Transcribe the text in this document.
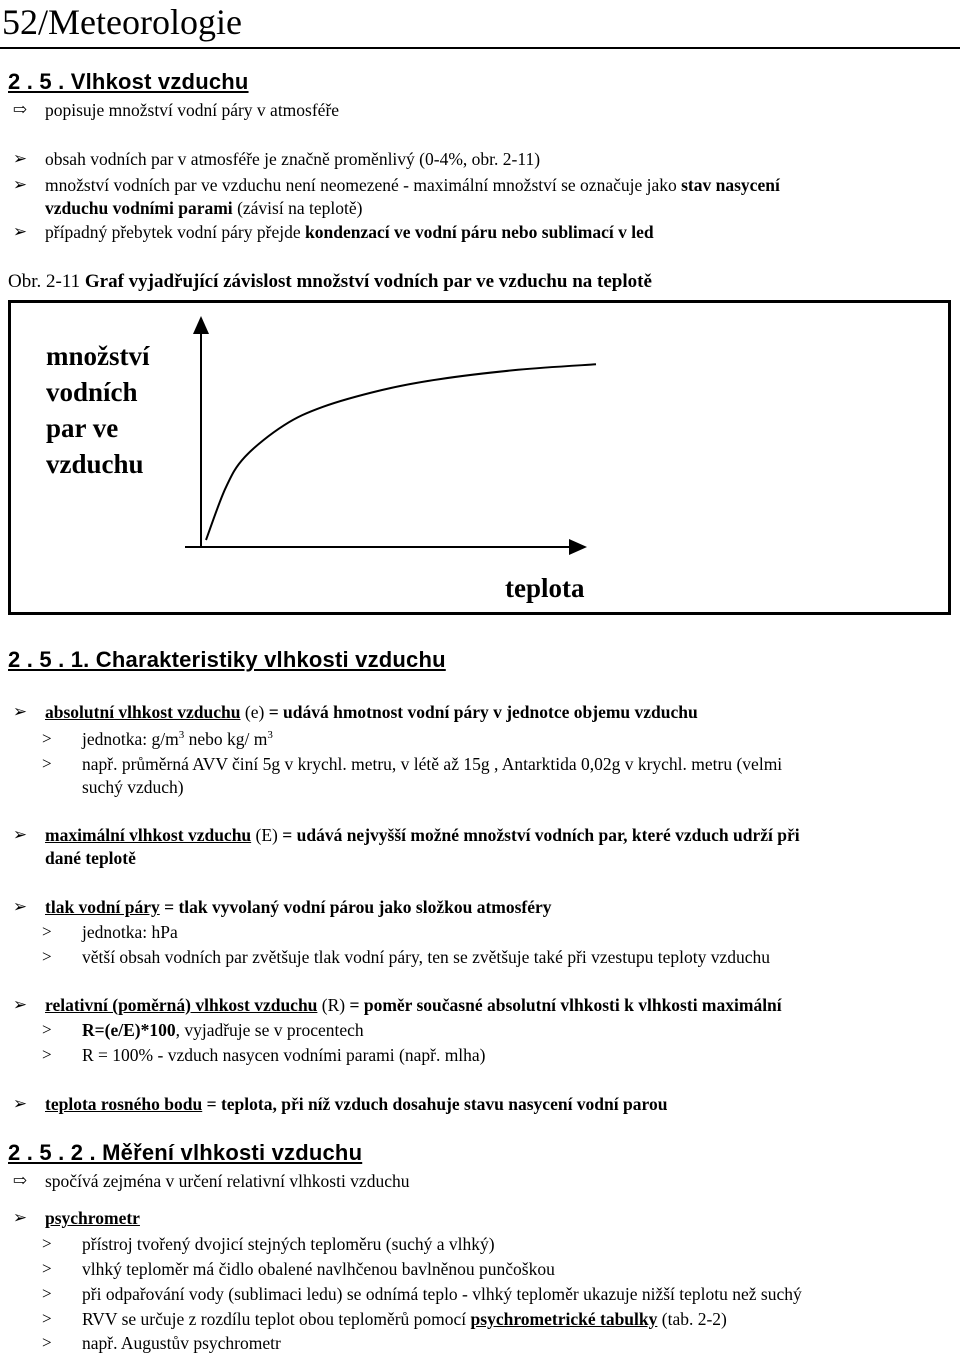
52/Meteorologie
2 . 5 . Vlhkost vzduchu
⇨ popisuje množství vodní páry v atmosféře
➢ obsah vodních par v atmosféře je značně proměnlivý (0-4%, obr. 2-11)
➢ množství vodních par ve vzduchu není neomezené - maximální množství se označuje jako stav nasycení
vzduchu vodními parami (závisí na teplotě)
➢ případný přebytek vodní páry přejde kondenzací ve vodní páru nebo sublimací v led
Obr. 2-11 Graf vyjadřující závislost množství vodních par ve vzduchu na teplotě
množství
vodních
par ve
vzduchu
teplota
2 . 5 . 1. Charakteristiky vlhkosti vzduchu
➢ absolutní vlhkost vzduchu (e) = udává hmotnost vodní páry v jednotce objemu vzduchu
> jednotka: $g/m^3$ nebo kg/ $m^3$
> např. průměrná AVV činí 5g v krychl. metru, v létě až 15g , Antarktida 0,02g v krychl. metru (velmi
suchý vzduch)
➢ maximální vlhkost vzduchu (E) = udává nejvyšší možné množství vodních par, které vzduch udrží při
dané teplotě
➢ tlak vodní páry = tlak vyvolaný vodní párou jako složkou atmosféry
> jednotka: hPa
> větší obsah vodních par zvětšuje tlak vodní páry, ten se zvětšuje také při vzestupu teploty vzduchu
➢ relativní (poměrná) vlhkost vzduchu (R) = poměr současné absolutní vlhkosti k vlhkosti maximální
> R=(e/E)*100, vyjadřuje se v procentech
> R = 100% - vzduch nasycen vodními parami (např. mlha)
➢ teplota rosného bodu = teplota, při níž vzduch dosahuje stavu nasycení vodní parou
2 . 5 . 2 . Měření vlhkosti vzduchu
⇨ spočívá zejména v určení relativní vlhkosti vzduchu
➢ psychrometr
> přístroj tvořený dvojicí stejných teploměru (suchý a vlhký)
> vlhký teploměr má čidlo obalené navlhčenou bavlněnou punčoškou
> při odpařování vody (sublimaci ledu) se odnímá teplo - vlhký teploměr ukazuje nižší teplotu než suchý
> RVV se určuje z rozdílu teplot obou teploměrů pomocí psychrometrické tabulky (tab. 2-2)
> např. Augustův psychrometr
